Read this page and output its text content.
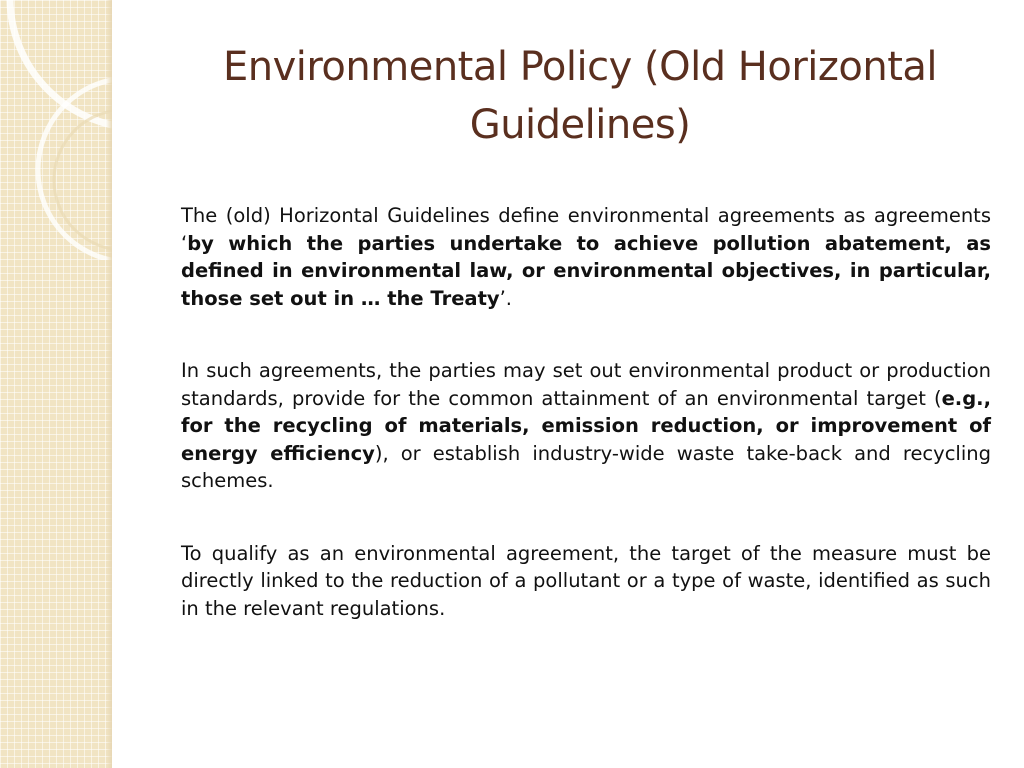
Environmental Policy (Old Horizontal Guidelines)

The (old) Horizontal Guidelines define environmental agreements as agreements ‘by which the parties undertake to achieve pollution abatement, as defined in environmental law, or environmental objectives, in particular, those set out in … the Treaty’.

In such agreements, the parties may set out environmental product or production standards, provide for the common attainment of an environmental target (e.g., for the recycling of materials, emission reduction, or improvement of energy efficiency), or establish industry-wide waste take-back and recycling schemes.

To qualify as an environmental agreement, the target of the measure must be directly linked to the reduction of a pollutant or a type of waste, identified as such in the relevant regulations.
